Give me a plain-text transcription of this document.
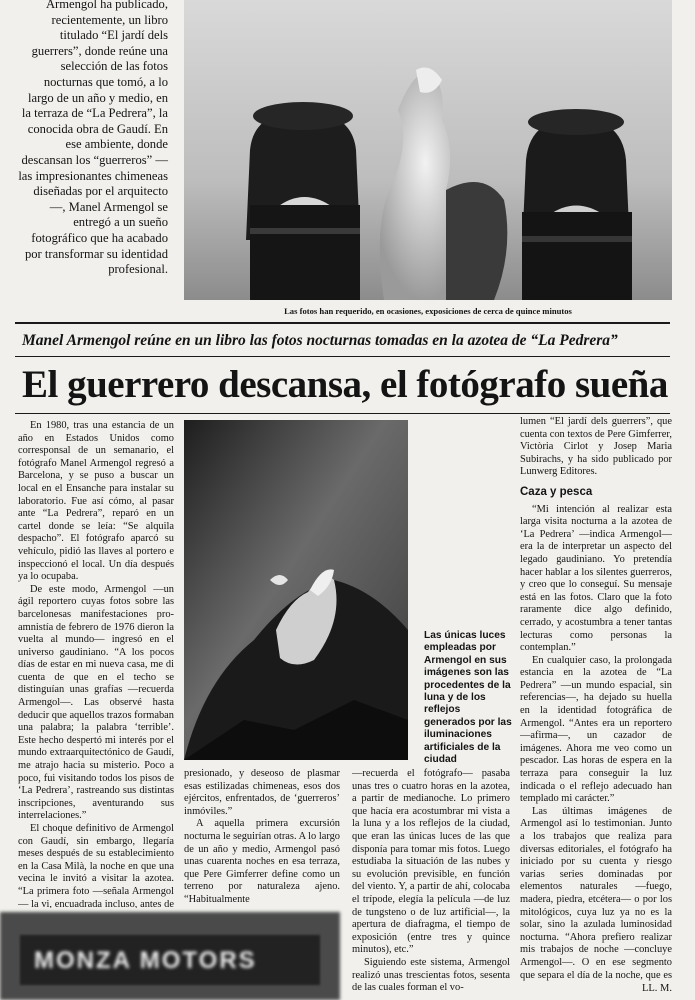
Armengol ha publicado, recientemente, un libro titulado “El jardí dels guerrers”, donde reúne una selección de las fotos nocturnas que tomó, a lo largo de un año y medio, en la terraza de “La Pedrera”, la conocida obra de Gaudí. En ese ambiente, donde descansan los “guerreros” —las impresionantes chimeneas diseñadas por el arquitecto—, Manel Armengol se entregó a un sueño fotográfico que ha acabado por transformar su identidad profesional.
Las fotos han requerido, en ocasiones, exposiciones de cerca de quince minutos
Manel Armengol reúne en un libro las fotos nocturnas tomadas en la azotea de “La Pedrera”
El guerrero descansa, el fotógrafo sueña

En 1980, tras una estancia de un año en Estados Unidos como corresponsal de un semanario, el fotógrafo Manel Armengol regresó a Barcelona, y se puso a buscar un local en el Ensanche para instalar su laboratorio. Fue así cómo, al pasar ante “La Pedrera”, reparó en un cartel donde se leía: “Se alquila despacho”. El fotógrafo aparcó su vehículo, pidió las llaves al portero e inspeccionó el local. Un día después ya lo ocupaba.

De este modo, Armengol —un ágil reportero cuyas fotos sobre las barcelonesas manifestaciones pro-amnistía de febrero de 1976 dieron la vuelta al mundo— ingresó en el universo gaudiniano. “A los pocos días de estar en mi nueva casa, me di cuenta de que en el techo se distinguían unas grafías —recuerda Armengol—. Las observé hasta deducir que aquellos trazos formaban una palabra; la palabra ‘terrible’. Este hecho despertó mi interés por el mundo extraarquitectónico de Gaudí, me atrajo hacia su misterio. Poco a poco, fui visitando todos los pisos de ‘La Pedrera’, rastreando sus distintas inscripciones, aventurando sus interrelaciones.”

El choque definitivo de Armengol con Gaudí, sin embargo, llegaría meses después de su establecimiento en la Casa Milà, la noche en que una vecina le invitó a visitar la azotea. “La primera foto —señala Armengol— la vi, encuadrada incluso, antes de

Las únicas luces empleadas por Armengol en sus imágenes son las procedentes de la luna y de los reflejos generados por las iluminaciones artificiales de la ciudad

presionado, y deseoso de plasmar esas estilizadas chimeneas, esos dos ejércitos, enfrentados, de ‘guerreros’ inmóviles.”

A aquella primera excursión nocturna le seguirían otras. A lo largo de un año y medio, Armengol pasó unas cuarenta noches en esa terraza, que Pere Gimferrer define como un terreno por naturaleza ajeno. “Habitualmente

—recuerda el fotógrafo— pasaba unas tres o cuatro horas en la azotea, a partir de medianoche. Lo primero que hacía era acostumbrar mi vista a la luna y a los reflejos de la ciudad, que eran las únicas luces de las que disponía para tomar mis fotos. Luego estudiaba la situación de las nubes y su evolución previsible, en función del viento. Y, a partir de ahí, colocaba el trípode, elegía la película —de luz de tungsteno o de luz artificial—, la apertura de diafragma, el tiempo de exposición (entre tres y quince minutos), etc.”

Siguiendo este sistema, Armengol realizó unas trescientas fotos, sesenta de las cuales forman el vo-

lumen “El jardí dels guerrers”, que cuenta con textos de Pere Gimferrer, Victòria Cirlot y Josep Maria Subirachs, y ha sido publicado por Lunwerg Editores.

Caza y pesca

“Mi intención al realizar esta larga visita nocturna a la azotea de ‘La Pedrera’ —indica Armengol— era la de interpretar un aspecto del legado gaudiniano. Yo pretendía hacer hablar a los silentes guerreros, y creo que lo conseguí. Su mensaje está en las fotos. Claro que la foto raramente dice algo definido, cerrado, y acostumbra a tener tantas lecturas como personas la contemplan.”

En cualquier caso, la prolongada estancia en la azotea de “La Pedrera” —un mundo espacial, sin referencias—, ha dejado su huella en la identidad fotográfica de Armengol. “Antes era un reportero —afirma—, un cazador de imágenes. Ahora me veo como un pescador. Las horas de espera en la terraza para conseguir la luz indicada o el reflejo adecuado han templado mi carácter.”

Las últimas imágenes de Armengol así lo testimonian. Junto a los trabajos que realiza para diversas editoriales, el fotógrafo ha iniciado por su cuenta y riesgo varias series dominadas por elementos naturales —fuego, madera, piedra, etcétera— o por los mitológicos, cuya luz ya no es la solar, sino la azulada luminosidad nocturna. “Ahora prefiero realizar mis trabajos de noche —concluye Armengol—. O en ese segmento que separa el día de la noche, que es

LL. M.
MONZA MOTORS
